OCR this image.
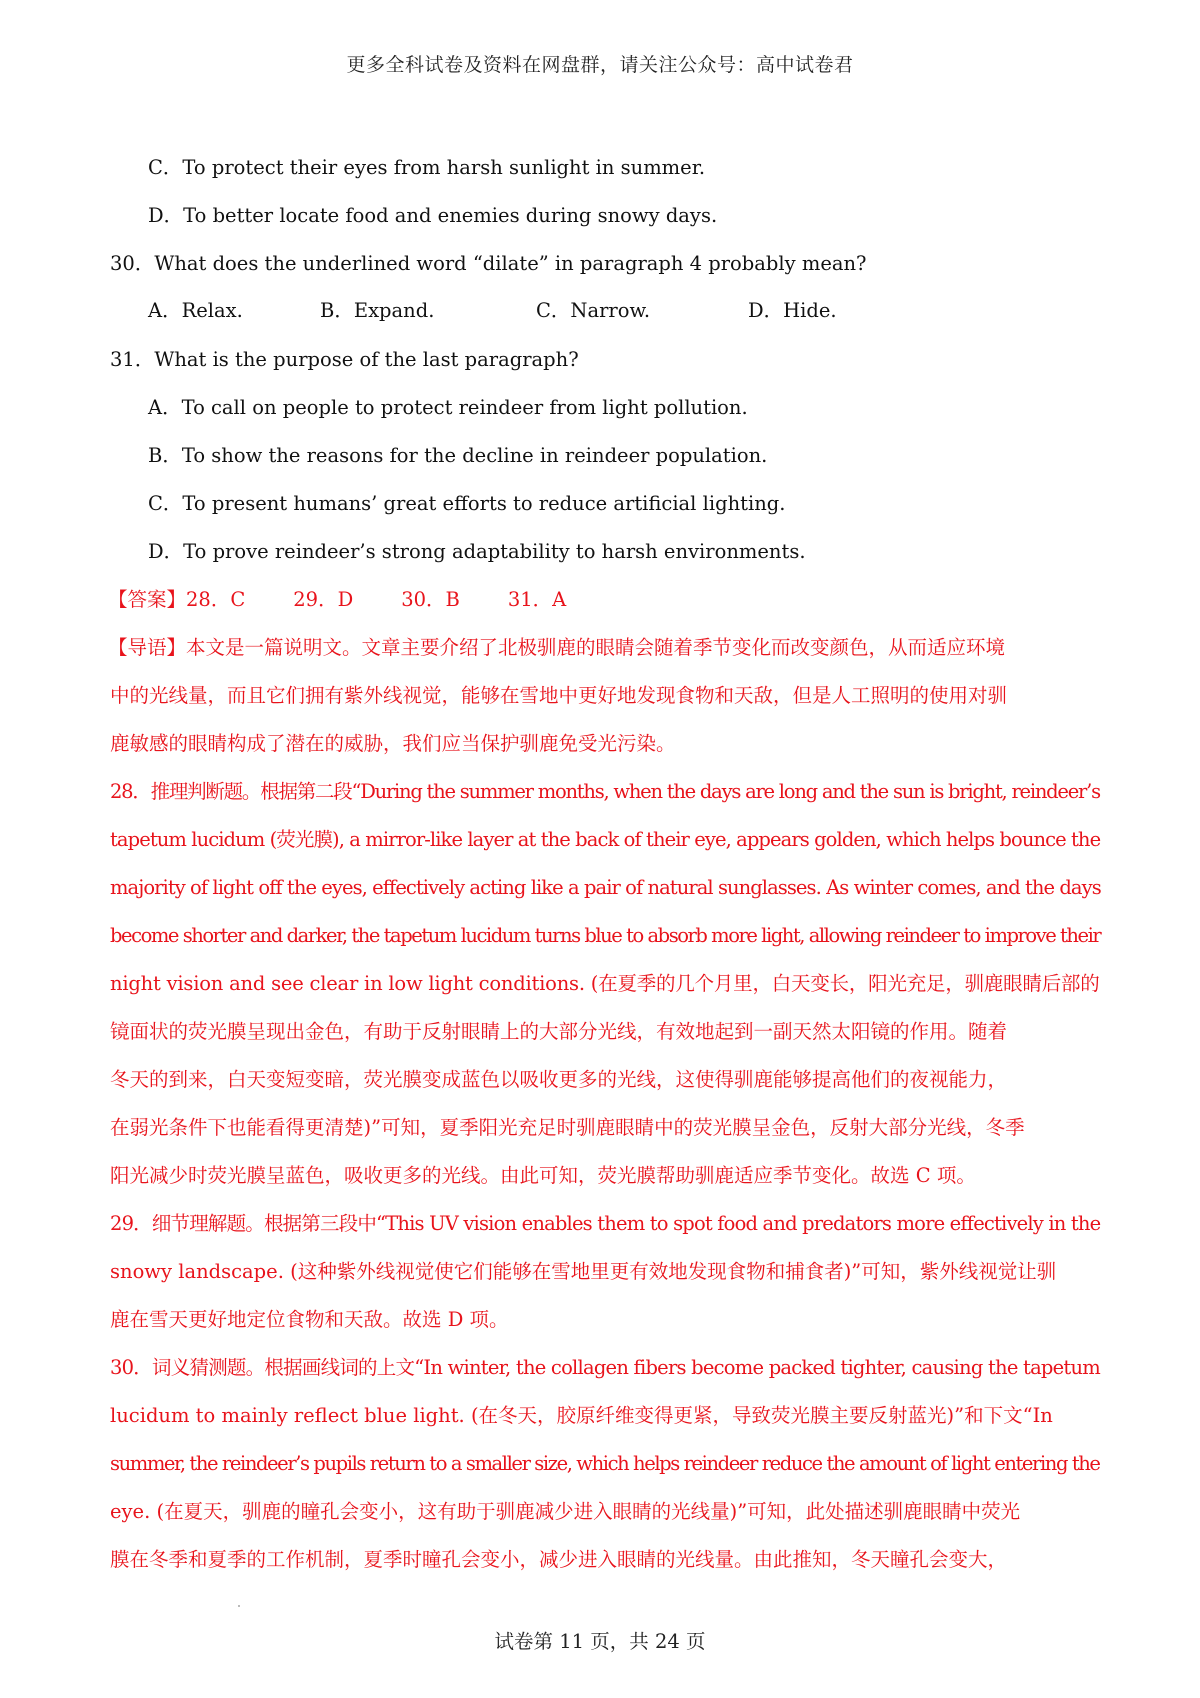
更多全科试卷及资料在网盘群，请关注公众号：高中试卷君
C．To protect their eyes from harsh sunlight in summer.
D．To better locate food and enemies during snowy days.
30．What does the underlined word “dilate” in paragraph 4 probably mean?
A．Relax.	B．Expand.	C．Narrow.	D．Hide.
31．What is the purpose of the last paragraph?
A．To call on people to protect reindeer from light pollution.
B．To show the reasons for the decline in reindeer population.
C．To present humans’ great efforts to reduce artificial lighting.
D．To prove reindeer’s strong adaptability to harsh environments.
【答案】28．C 29．D 30．B 31．A
【导语】本文是一篇说明文。文章主要介绍了北极驯鹿的眼睛会随着季节变化而改变颜色，从而适应环境
中的光线量，而且它们拥有紫外线视觉，能够在雪地中更好地发现食物和天敌，但是人工照明的使用对驯
鹿敏感的眼睛构成了潜在的威胁，我们应当保护驯鹿免受光污染。
28．推理判断题。根据第二段“During the summer months, when the days are long and the sun is bright, reindeer’s
tapetum lucidum (荧光膜), a mirror-like layer at the back of their eye, appears golden, which helps bounce the
majority of light off the eyes, effectively acting like a pair of natural sunglasses. As winter comes, and the days
become shorter and darker, the tapetum lucidum turns blue to absorb more light, allowing reindeer to improve their
night vision and see clear in low light conditions. (在夏季的几个月里，白天变长，阳光充足，驯鹿眼睛后部的
镜面状的荧光膜呈现出金色，有助于反射眼睛上的大部分光线，有效地起到一副天然太阳镜的作用。随着
冬天的到来，白天变短变暗，荧光膜变成蓝色以吸收更多的光线，这使得驯鹿能够提高他们的夜视能力，
在弱光条件下也能看得更清楚)”可知，夏季阳光充足时驯鹿眼睛中的荧光膜呈金色，反射大部分光线，冬季
阳光减少时荧光膜呈蓝色，吸收更多的光线。由此可知，荧光膜帮助驯鹿适应季节变化。故选 C 项。
29．细节理解题。根据第三段中“This UV vision enables them to spot food and predators more effectively in the
snowy landscape. (这种紫外线视觉使它们能够在雪地里更有效地发现食物和捕食者)”可知，紫外线视觉让驯
鹿在雪天更好地定位食物和天敌。故选 D 项。
30．词义猜测题。根据画线词的上文“In winter, the collagen fibers become packed tighter, causing the tapetum
lucidum to mainly reflect blue light. (在冬天，胶原纤维变得更紧，导致荧光膜主要反射蓝光)”和下文“In
summer, the reindeer’s pupils return to a smaller size, which helps reindeer reduce the amount of light entering the
eye. (在夏天，驯鹿的瞳孔会变小，这有助于驯鹿减少进入眼睛的光线量)”可知，此处描述驯鹿眼睛中荧光
膜在冬季和夏季的工作机制，夏季时瞳孔会变小，减少进入眼睛的光线量。由此推知，冬天瞳孔会变大，
试卷第 11 页，共 24 页
